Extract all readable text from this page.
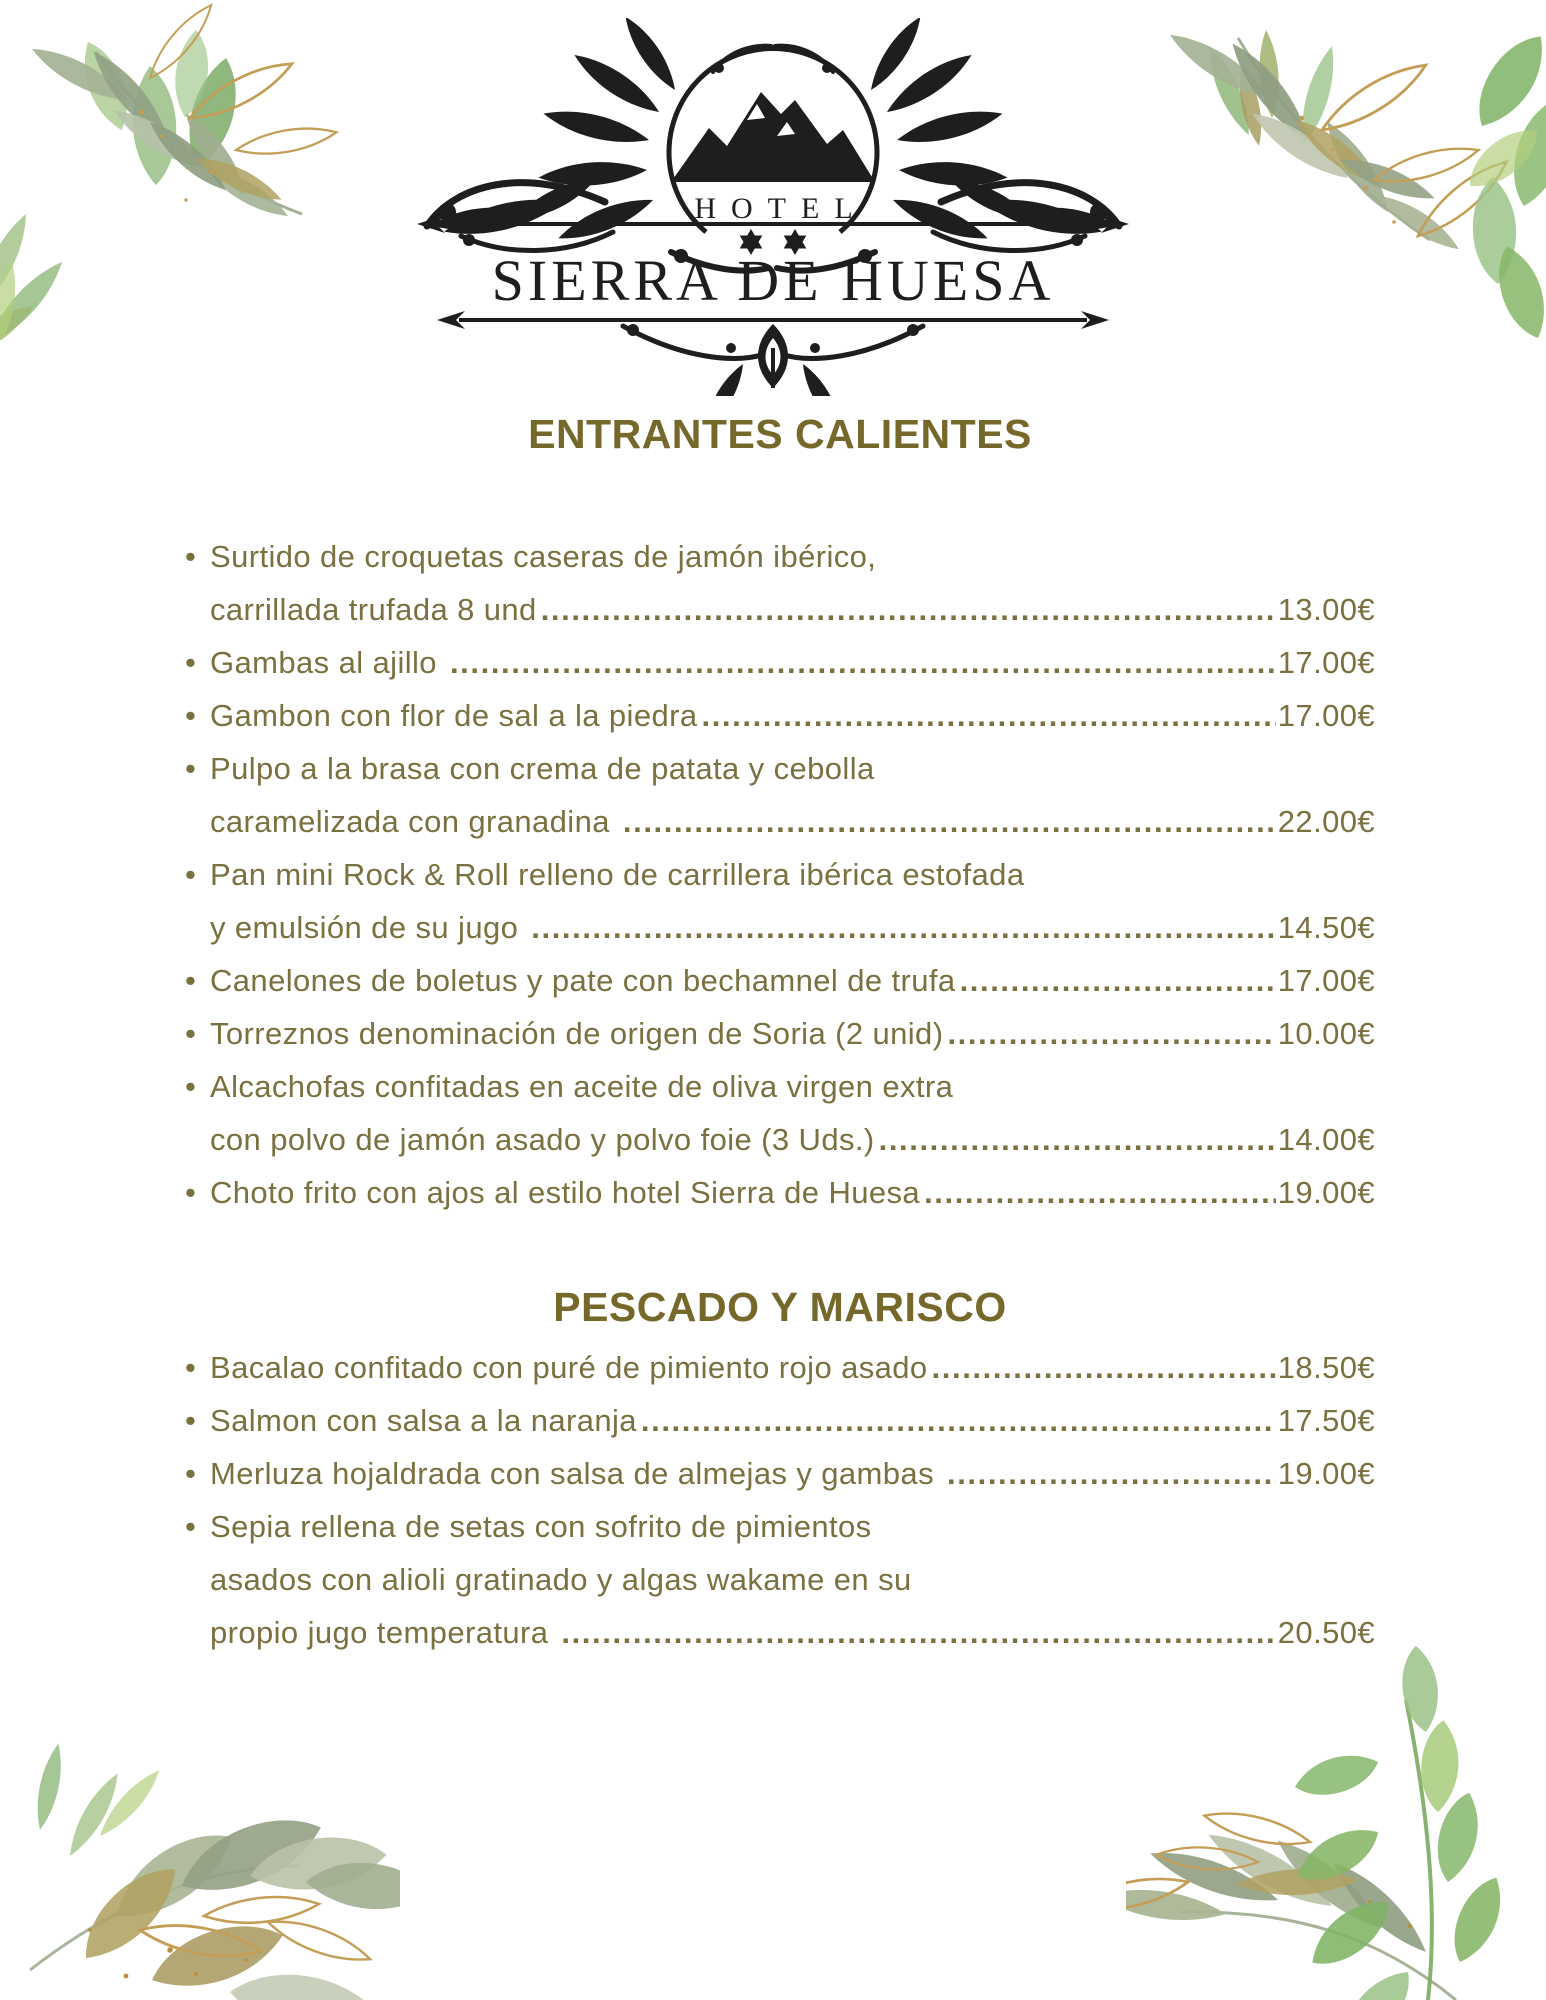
HOTEL
SIERRA DE HUESA
ENTRANTES CALIENTES
• Surtido de croquetas caseras de jamón ibérico,
carrillada trufada 8 und .....	13.00€
• Gambas al ajillo .....	17.00€
• Gambon con flor de sal a la piedra .....	17.00€
• Pulpo a la brasa con crema de patata y cebolla
caramelizada con granadina .....	22.00€
• Pan mini Rock & Roll relleno de carrillera ibérica estofada
y emulsión de su jugo .....	14.50€
• Canelones de boletus y pate con bechamnel de trufa .....	17.00€
• Torreznos denominación de origen de Soria (2 unid) .....	10.00€
• Alcachofas confitadas en aceite de oliva virgen extra
con polvo de jamón asado y polvo foie (3 Uds.) .....	14.00€
• Choto frito con ajos al estilo hotel Sierra de Huesa .....	19.00€
PESCADO Y MARISCO
• Bacalao confitado con puré de pimiento rojo asado .....	18.50€
• Salmon con salsa a la naranja .....	17.50€
• Merluza hojaldrada con salsa de almejas y gambas .....	19.00€
• Sepia rellena de setas con sofrito de pimientos
asados con alioli gratinado y algas wakame en su
propio jugo temperatura .....	20.50€
